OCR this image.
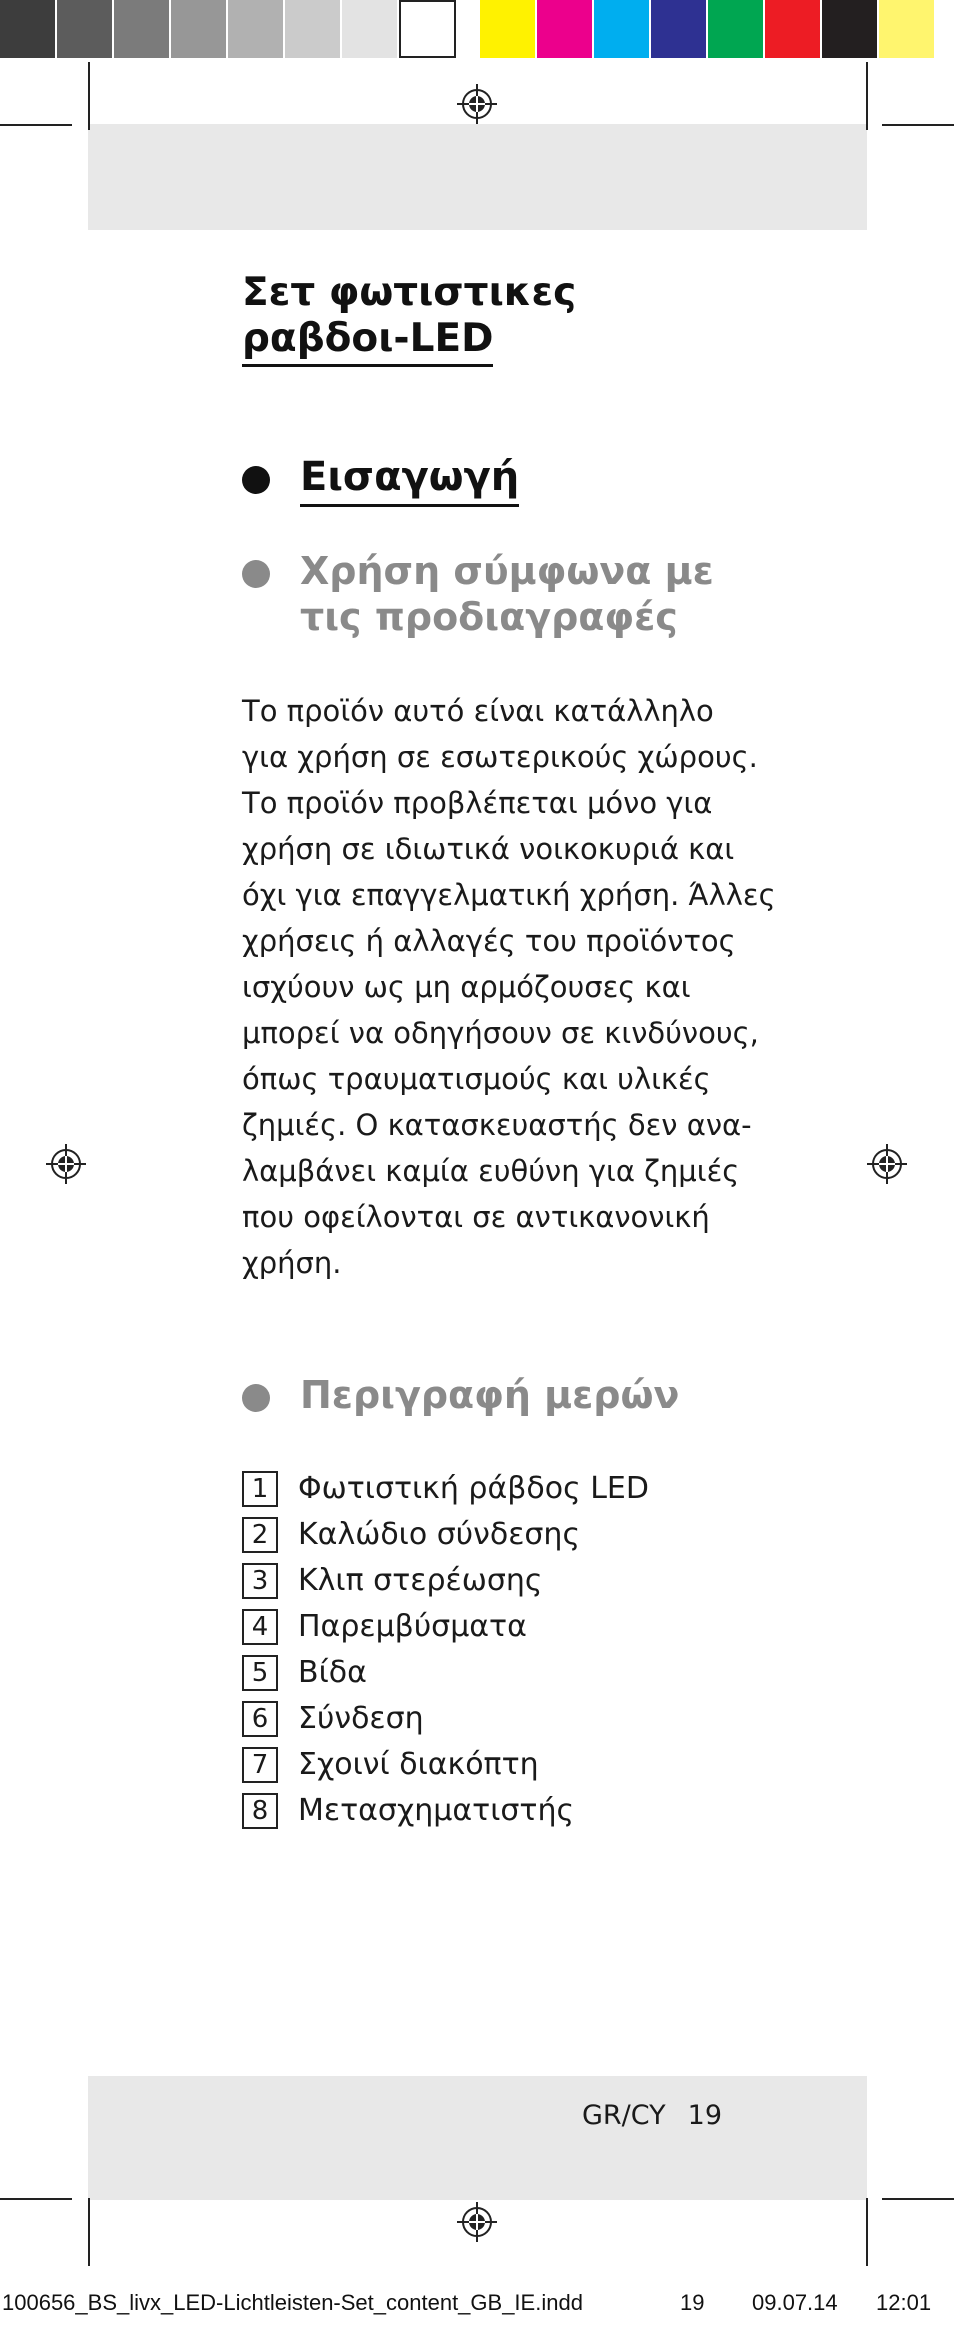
Σετ φωτιστικες
ραβδοι-LED
Εισαγωγή
Χρήση σύμφωνα με
τις προδιαγραφές
Το προϊόν αυτό είναι κατάλληλο
για χρήση σε εσωτερικούς χώρους.
Το προϊόν προβλέπεται μόνο για
χρήση σε ιδιωτικά νοικοκυριά και
όχι για επαγγελματική χρήση. Άλλες
χρήσεις ή αλλαγές του προϊόντος
ισχύουν ως μη αρμόζουσες και
μπορεί να οδηγήσουν σε κινδύνους,
όπως τραυματισμούς και υλικές
ζημιές. Ο κατασκευαστής δεν ανα-
λαμβάνει καμία ευθύνη για ζημιές
που οφείλονται σε αντικανονική
χρήση.
Περιγραφή μερών
1 Φωτιστική ράβδος LED
2 Καλώδιο σύνδεσης
3 Κλιπ στερέωσης
4 Παρεμβύσματα
5 Βίδα
6 Σύνδεση
7 Σχοινί διακόπτη
8 Μετασχηματιστής
GR/CY 19
100656_BS_livx_LED-Lichtleisten-Set_content_GB_IE.indd	19 09.07.14 12:01
